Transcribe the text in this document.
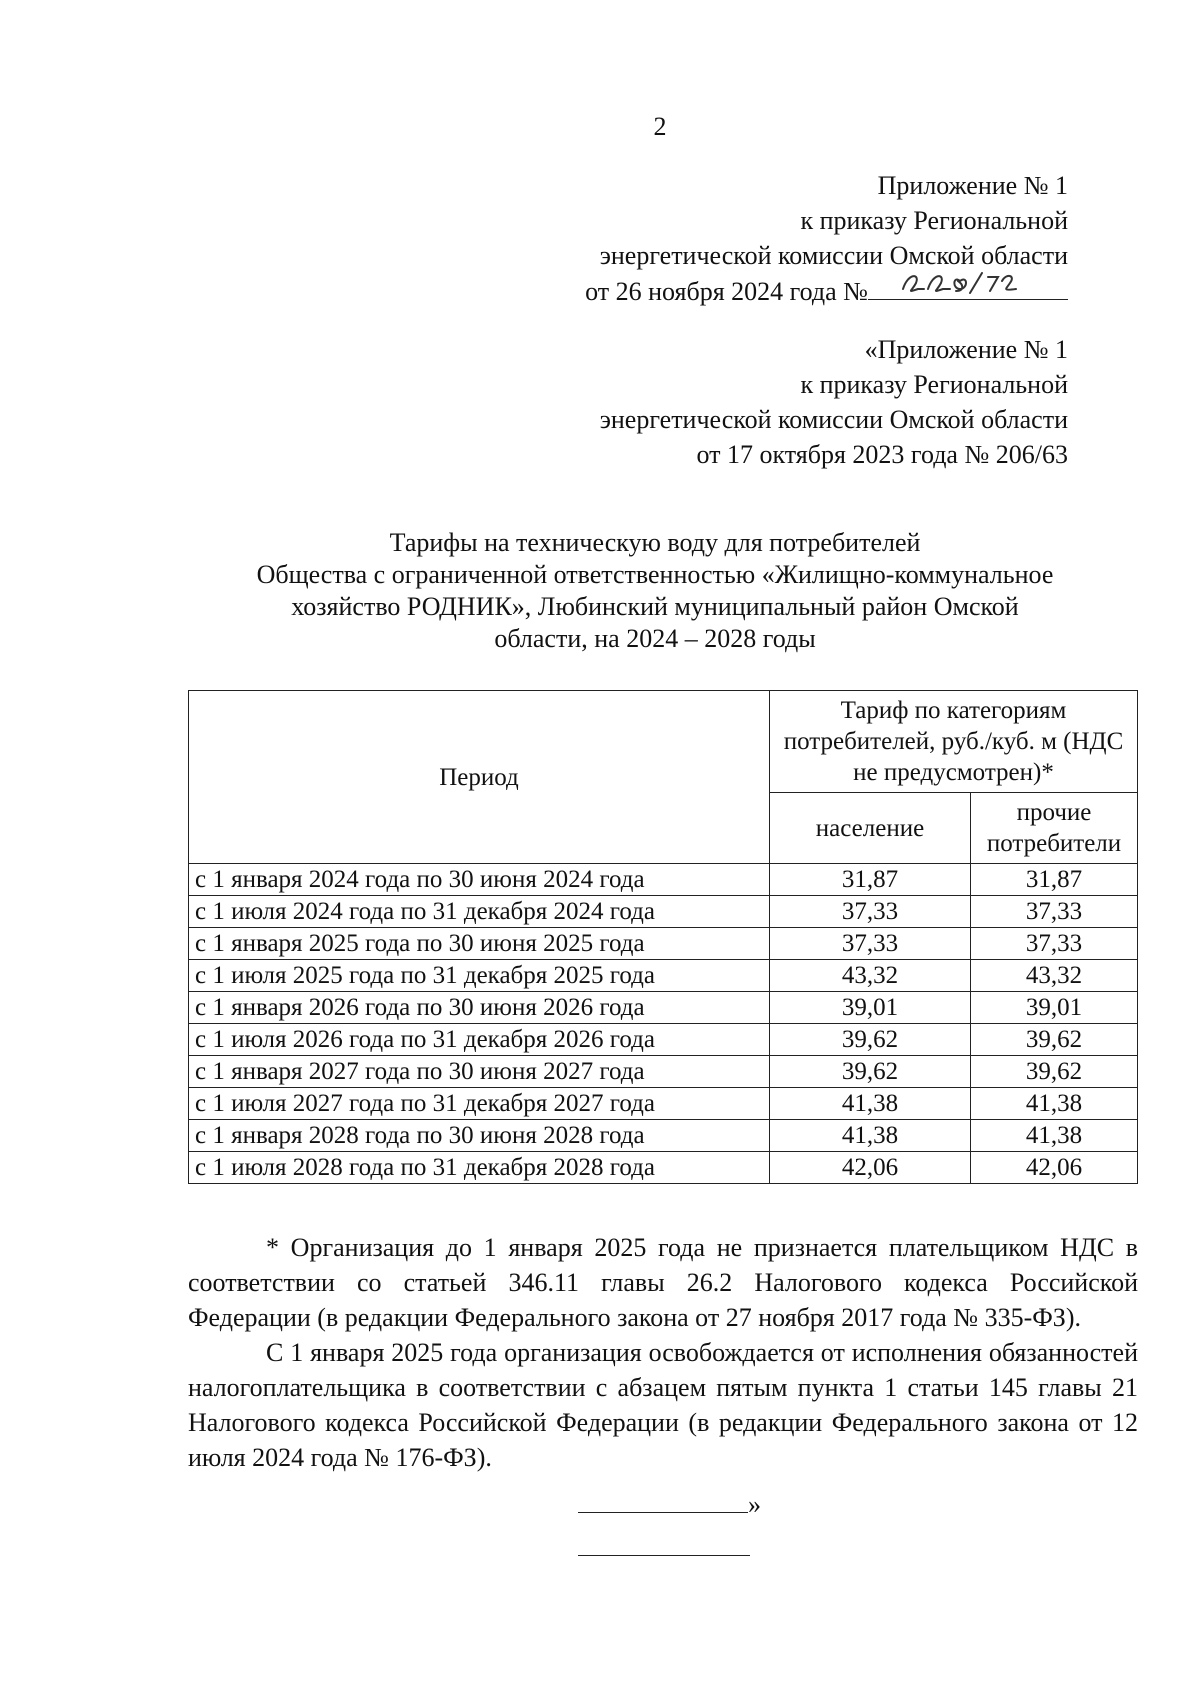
2
Приложение № 1
к приказу Региональной
энергетической комиссии Омской области
от 26 ноября 2024 года №
«Приложение № 1
к приказу Региональной
энергетической комиссии Омской области
от 17 октября 2023 года № 206/63
Тарифы на техническую воду для потребителей
Общества с ограниченной ответственностью «Жилищно-коммунальное
хозяйство РОДНИК», Любинский муниципальный район Омской
области, на 2024 – 2028 годы
Период	Тариф по категориям потребителей, руб./куб. м (НДС не предусмотрен)*	
	население	прочие потребители
с 1 января 2024 года по 30 июня 2024 года	31,87	31,87
с 1 июля 2024 года по 31 декабря 2024 года	37,33	37,33
с 1 января 2025 года по 30 июня 2025 года	37,33	37,33
с 1 июля 2025 года по 31 декабря 2025 года	43,32	43,32
с 1 января 2026 года по 30 июня 2026 года	39,01	39,01
с 1 июля 2026 года по 31 декабря 2026 года	39,62	39,62
с 1 января 2027 года по 30 июня 2027 года	39,62	39,62
с 1 июля 2027 года по 31 декабря 2027 года	41,38	41,38
с 1 января 2028 года по 30 июня 2028 года	41,38	41,38
с 1 июля 2028 года по 31 декабря 2028 года	42,06	42,06

* Организация до 1 января 2025 года не признается плательщиком НДС в соответствии со статьей 346.11 главы 26.2 Налогового кодекса Российской Федерации (в редакции Федерального закона от 27 ноября 2017 года № 335-ФЗ).

С 1 января 2025 года организация освобождается от исполнения обязанностей налогоплательщика в соответствии с абзацем пятым пункта 1 статьи 145 главы 21 Налогового кодекса Российской Федерации (в редакции Федерального закона от 12 июля 2024 года № 176-ФЗ).

»
